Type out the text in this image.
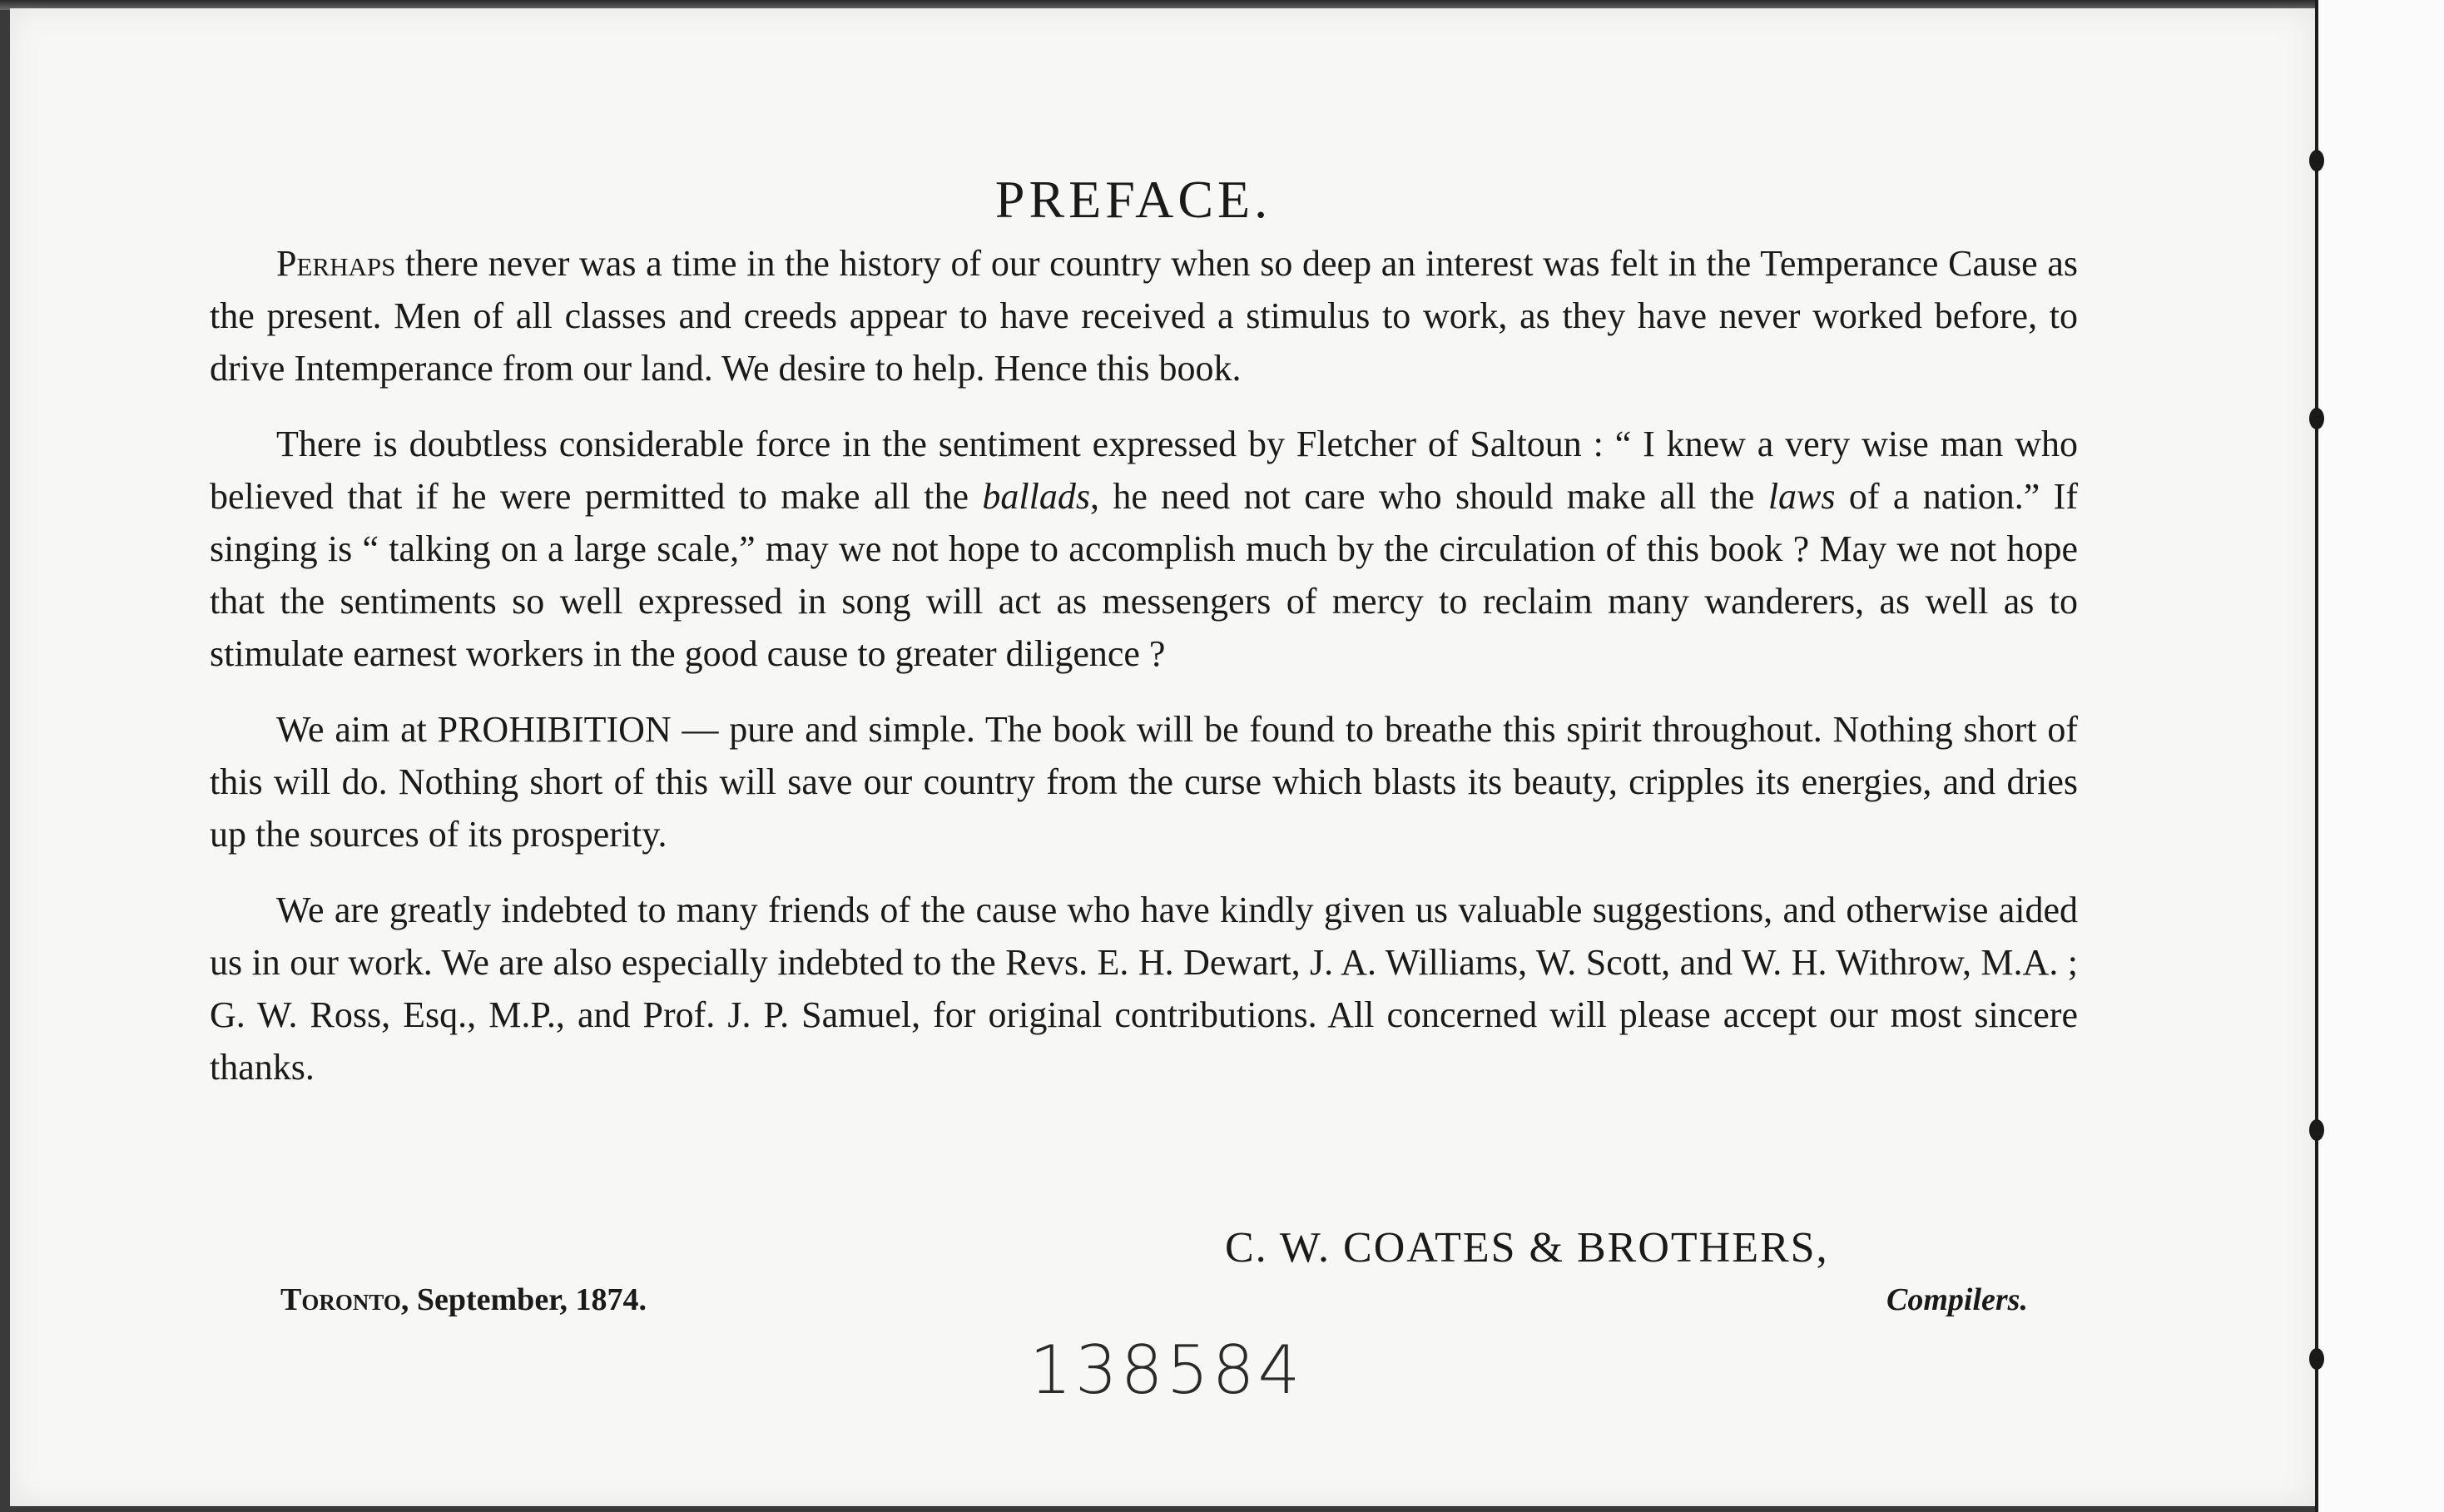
PREFACE.

Perhaps there never was a time in the history of our country when so deep an interest was felt in the Temperance Cause as the present. Men of all classes and creeds appear to have received a stimulus to work, as they have never worked before, to drive Intemperance from our land. We desire to help. Hence this book.

There is doubtless considerable force in the sentiment expressed by Fletcher of Saltoun : “ I knew a very wise man who believed that if he were permitted to make all the ballads, he need not care who should make all the laws of a nation.” If singing is “ talking on a large scale,” may we not hope to accomplish much by the circulation of this book ? May we not hope that the sentiments so well expressed in song will act as messengers of mercy to reclaim many wanderers, as well as to stimulate earnest workers in the good cause to greater diligence ?

We aim at PROHIBITION — pure and simple. The book will be found to breathe this spirit throughout. Nothing short of this will do. Nothing short of this will save our country from the curse which blasts its beauty, cripples its energies, and dries up the sources of its prosperity.

We are greatly indebted to many friends of the cause who have kindly given us valuable suggestions, and otherwise aided us in our work. We are also especially indebted to the Revs. E. H. Dewart, J. A. Williams, W. Scott, and W. H. Withrow, M.A. ; G. W. Ross, Esq., M.P., and Prof. J. P. Samuel, for original contributions. All concerned will please accept our most sincere thanks.

C. W. COATES & BROTHERS,
Toronto, September, 1874.	Compilers.
138584
